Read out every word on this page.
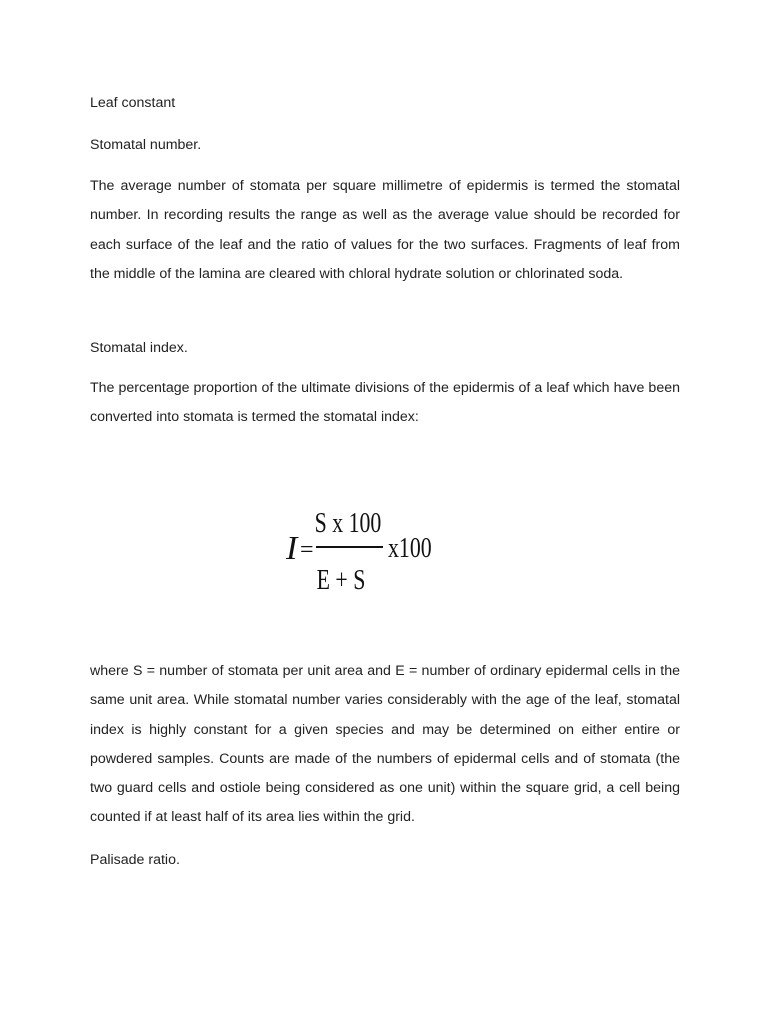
Leaf constant

Stomatal number.

The average number of stomata per square millimetre of epidermis is termed the stomatal number. In recording results the range as well as the average value should be recorded for each surface of the leaf and the ratio of values for the two surfaces. Fragments of leaf from the middle of the lamina are cleared with chloral hydrate solution or chlorinated soda.

Stomatal index.

The percentage proportion of the ultimate divisions of the epidermis of a leaf which have been converted into stomata is termed the stomatal index:

where S = number of stomata per unit area and E = number of ordinary epidermal cells in the same unit area. While stomatal number varies considerably with the age of the leaf, stomatal index is highly constant for a given species and may be determined on either entire or powdered samples. Counts are made of the numbers of epidermal cells and of stomata (the two guard cells and ostiole being considered as one unit) within the square grid, a cell being counted if at least half of its area lies within the grid.

Palisade ratio.

I =
S x 100
E + S
x100
